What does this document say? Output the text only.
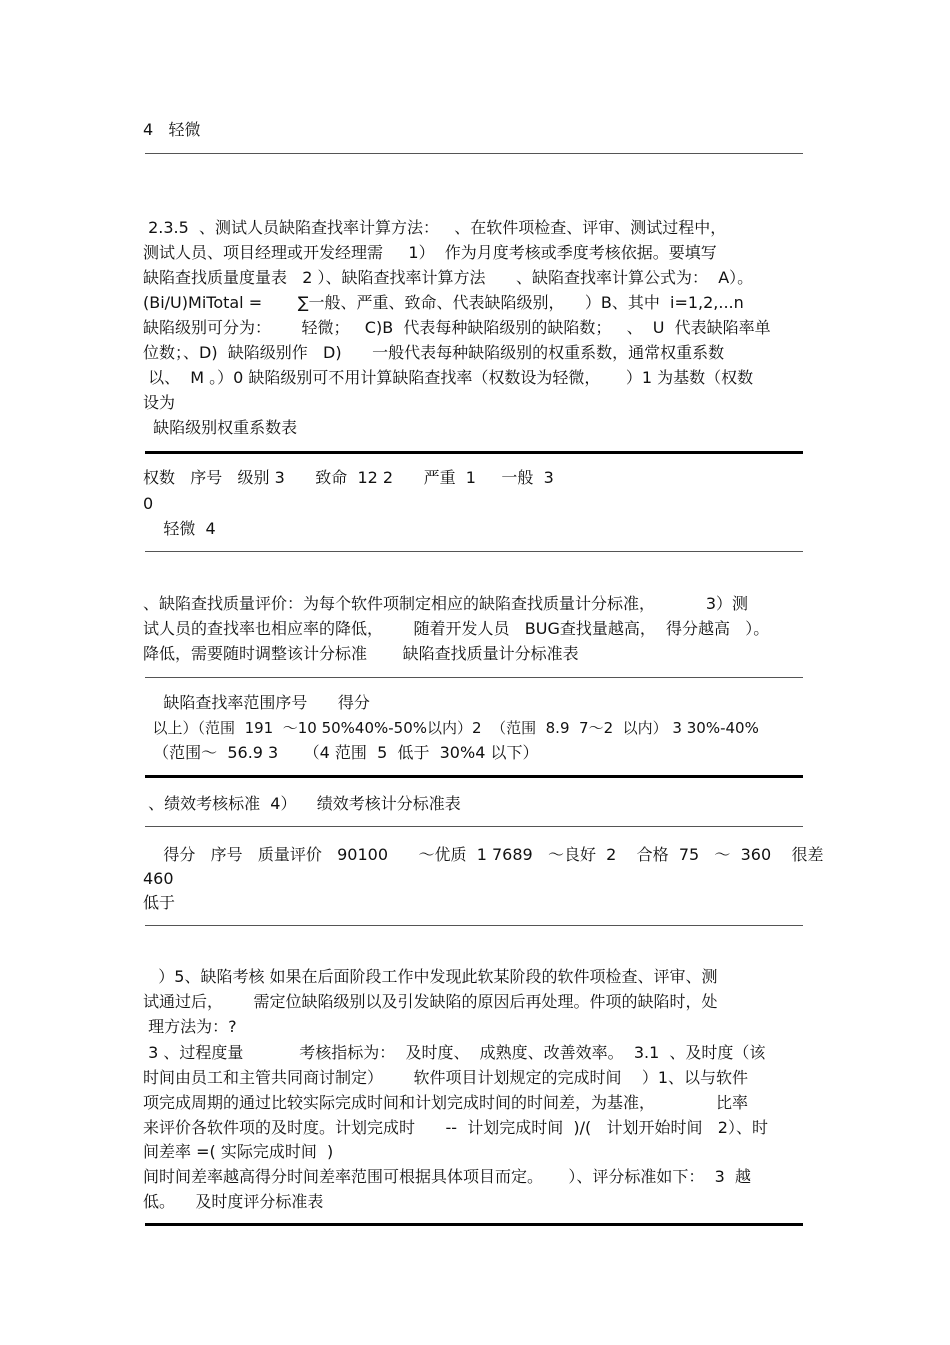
4   轻微
2.3.5  、测试人员缺陷查找率计算方法：   、在软件项检查、评审、测试过程中，
测试人员、项目经理或开发经理需     1）  作为月度考核或季度考核依据。要填写
缺陷查找质量度量表   2 ）、缺陷查找率计算方法      、缺陷查找率计算公式为：  A）。
(Bi/U)MiTotal =       ∑一般、严重、致命、代表缺陷级别，    ）B、其中  i=1,2,...n
缺陷级别可分为：      轻微；   C)B  代表每种缺陷级别的缺陷数；   、  U  代表缺陷率单
位数；、D)  缺陷级别作   D)      一般代表每种缺陷级别的权重系数，通常权重系数
以、  M 。）0 缺陷级别可不用计算缺陷查找率（权数设为轻微，     ）1 为基数（权数
设为
缺陷级别权重系数表
权数   序号   级别 3      致命  12 2      严重  1     一般  3
0
轻微  4
、缺陷查找质量评价：为每个软件项制定相应的缺陷查找质量计分标准，          3）测
试人员的查找率也相应率的降低，      随着开发人员   BUG查找量越高，  得分越高   ）。
降低，需要随时调整该计分标准       缺陷查找质量计分标准表
缺陷查找率范围序号      得分
以上）（范围  191  ～10 50%40%-50%以内）2  （范围  8.9  7～2  以内） 3 30%-40%
（范围～  56.9 3     （4 范围  5  低于  30%4 以下）
、绩效考核标准  4）    绩效考核计分标准表
得分   序号   质量评价   90100      ～优质  1 7689   ～良好  2    合格  75   ～  360    很差
460
低于
）5、缺陷考核 如果在后面阶段工作中发现此软某阶段的软件项检查、评审、测
试通过后，      需定位缺陷级别以及引发缺陷的原因后再处理。件项的缺陷时，处
理方法为：?
3 、过程度量           考核指标为：  及时度、  成熟度、改善效率。  3.1  、及时度（该
时间由员工和主管共同商讨制定）      软件项目计划规定的完成时间    ）1、以与软件
项完成周期的通过比较实际完成时间和计划完成时间的时间差，为基准，            比率
来评价各软件项的及时度。计划完成时      --  计划完成时间  )/(   计划开始时间   2）、时
间差率 =( 实际完成时间  )
间时间差率越高得分时间差率范围可根据具体项目而定。     ）、评分标准如下：  3  越
低。    及时度评分标准表
